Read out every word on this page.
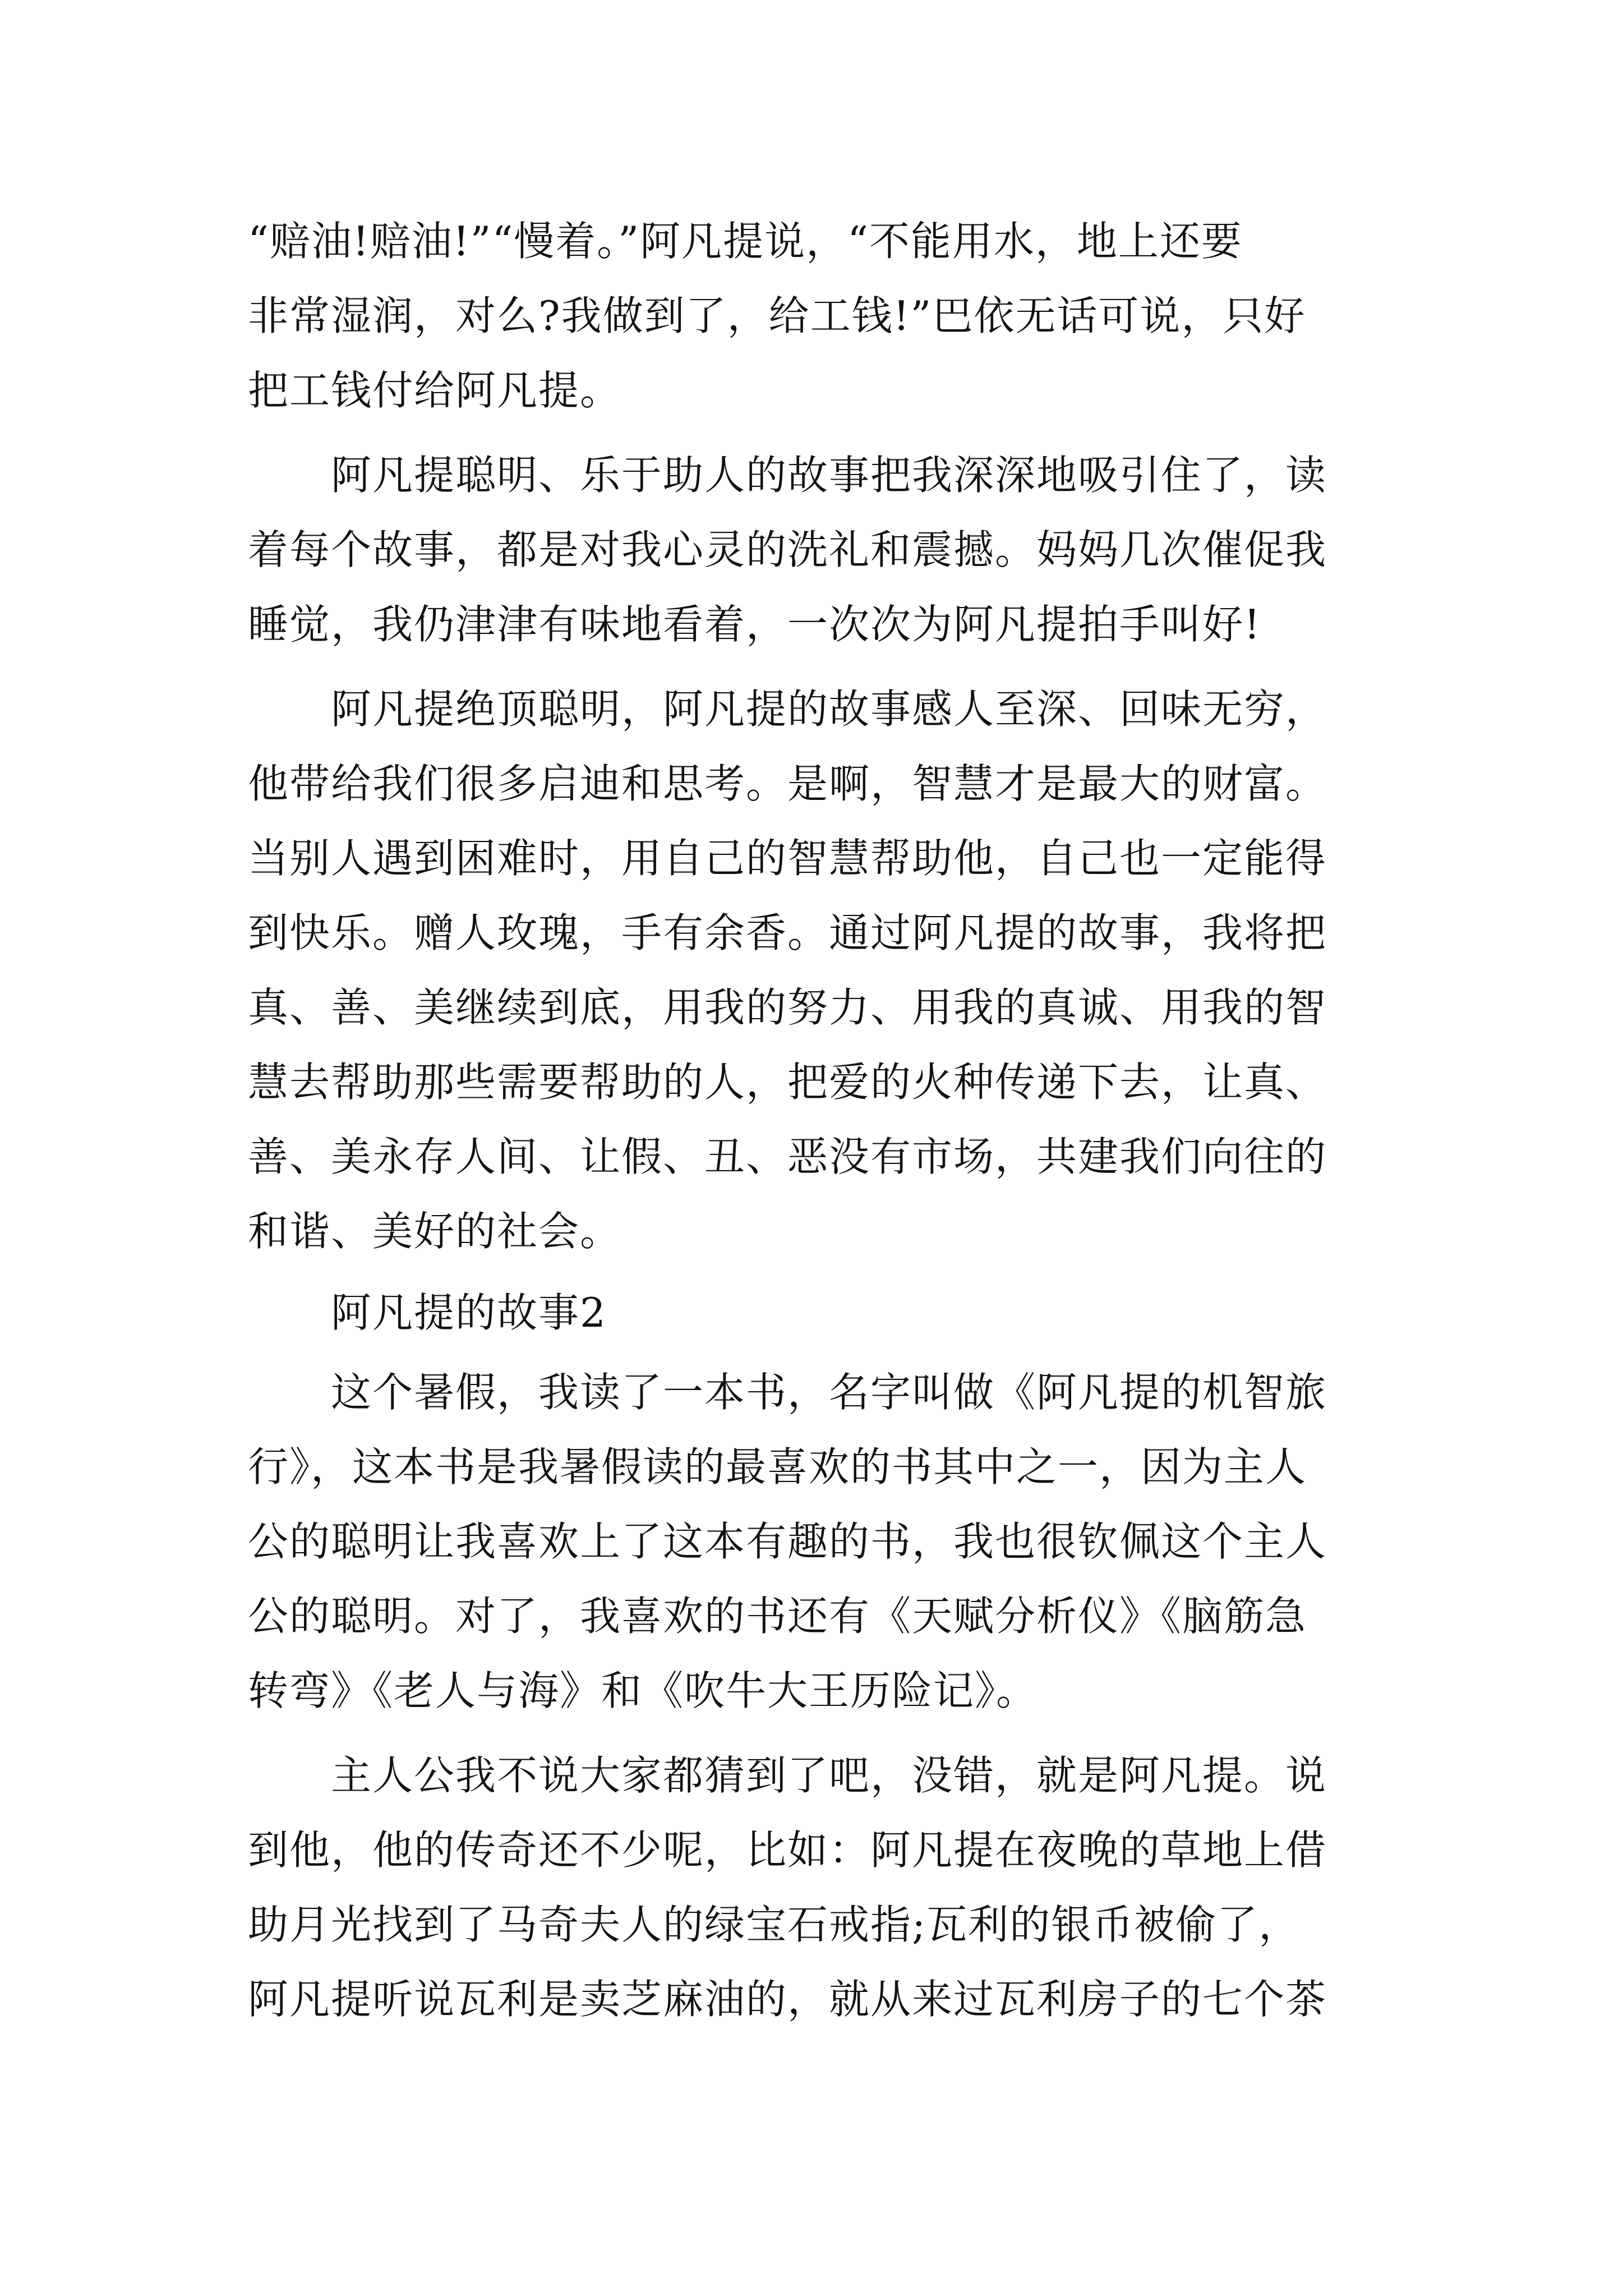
“赔油!赔油!”“慢着。”阿凡提说，“不能用水，地上还要
非常湿润，对么?我做到了，给工钱!”巴依无话可说，只好
把工钱付给阿凡提。
　　阿凡提聪明、乐于助人的故事把我深深地吸引住了，读
着每个故事，都是对我心灵的洗礼和震撼。妈妈几次催促我
睡觉，我仍津津有味地看着，一次次为阿凡提拍手叫好!
　　阿凡提绝顶聪明，阿凡提的故事感人至深、回味无穷，
他带给我们很多启迪和思考。是啊，智慧才是最大的财富。
当别人遇到困难时，用自己的智慧帮助他，自己也一定能得
到快乐。赠人玫瑰，手有余香。通过阿凡提的故事，我将把
真、善、美继续到底，用我的努力、用我的真诚、用我的智
慧去帮助那些需要帮助的人，把爱的火种传递下去，让真、
善、美永存人间、让假、丑、恶没有市场，共建我们向往的
和谐、美好的社会。
　　阿凡提的故事2
　　这个暑假，我读了一本书，名字叫做《阿凡提的机智旅
行》，这本书是我暑假读的最喜欢的书其中之一，因为主人
公的聪明让我喜欢上了这本有趣的书，我也很钦佩这个主人
公的聪明。对了，我喜欢的书还有《天赋分析仪》《脑筋急
转弯》《老人与海》和《吹牛大王历险记》。
　　主人公我不说大家都猜到了吧，没错，就是阿凡提。说
到他，他的传奇还不少呢，比如：阿凡提在夜晚的草地上借
助月光找到了马奇夫人的绿宝石戒指;瓦利的银币被偷了，
阿凡提听说瓦利是卖芝麻油的，就从来过瓦利房子的七个茶
